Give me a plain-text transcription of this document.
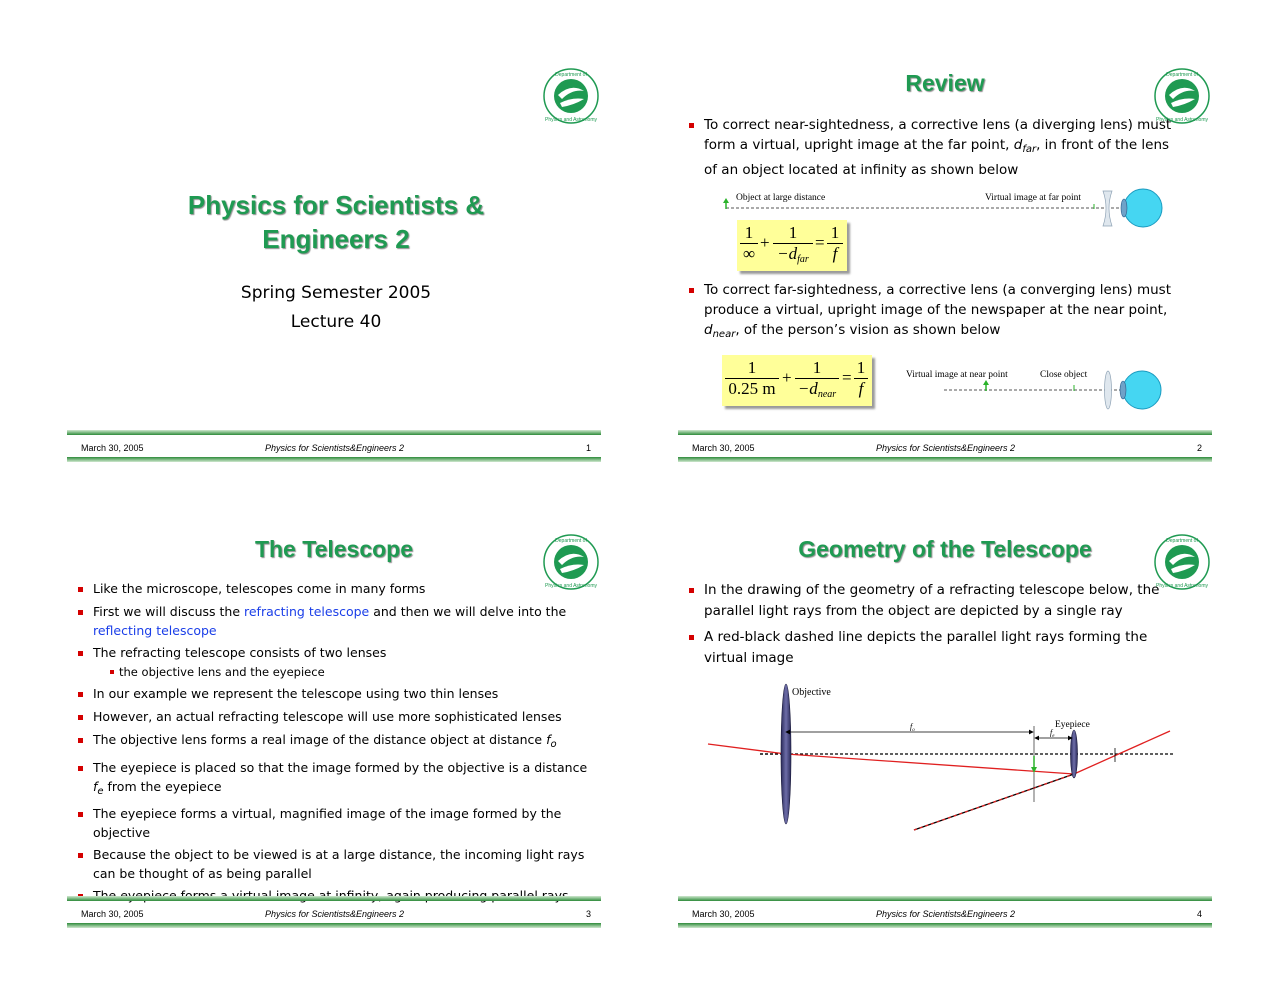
Department of
Physics and Astronomy
Physics for Scientists &
Engineers 2
Spring Semester 2005
Lecture 40
March 30, 2005	Physics for Scientists&Engineers 2	1
Review	Department of
Physics and Astronomy
To correct near-sightedness, a corrective lens (a diverging lens) must
form a virtual, upright image at the far point, $d_{far}$, in front of the lens
of an object located at infinity as shown below
Object at large distance	Virtual image at far point
1
∞
+
1
−dfar
= $\frac{1}{f}$
To correct far-sightedness, a corrective lens (a converging lens) must
produce a virtual, upright image of the newspaper at the near point,
$d_{near}$, of the person’s vision as shown below
$\frac{1}{0.25 m}$ +
1
−dnear
= $\frac{1}{f}$	Virtual image at near point	Close object
March 30, 2005	Physics for Scientists&Engineers 2	2
The Telescope	Department of
Physics and Astronomy
Like the microscope, telescopes come in many forms
First we will discuss the refracting telescope and then we will delve into the
reflecting telescope
The refracting telescope consists of two lenses
the objective lens and the eyepiece
In our example we represent the telescope using two thin lenses
However, an actual refracting telescope will use more sophisticated lenses
The objective lens forms a real image of the distance object at distance $f_o$
The eyepiece is placed so that the image formed by the objective is a distance
$f_e$ from the eyepiece
The eyepiece forms a virtual, magnified image of the image formed by the
objective
Because the object to be viewed is at a large distance, the incoming light rays
can be thought of as being parallel
March 30, 2005	Physics for Scientists&Engineers 2	3
Geometry of the Telescope	Department of
Physics and Astronomy
In the drawing of the geometry of a refracting telescope below, the
parallel light rays from the object are depicted by a single ray
A red-black dashed line depicts the parallel light rays forming the
virtual image
Objective
Eyepiece
$f_o$	$f_e$
March 30, 2005	Physics for Scientists&Engineers 2	4
